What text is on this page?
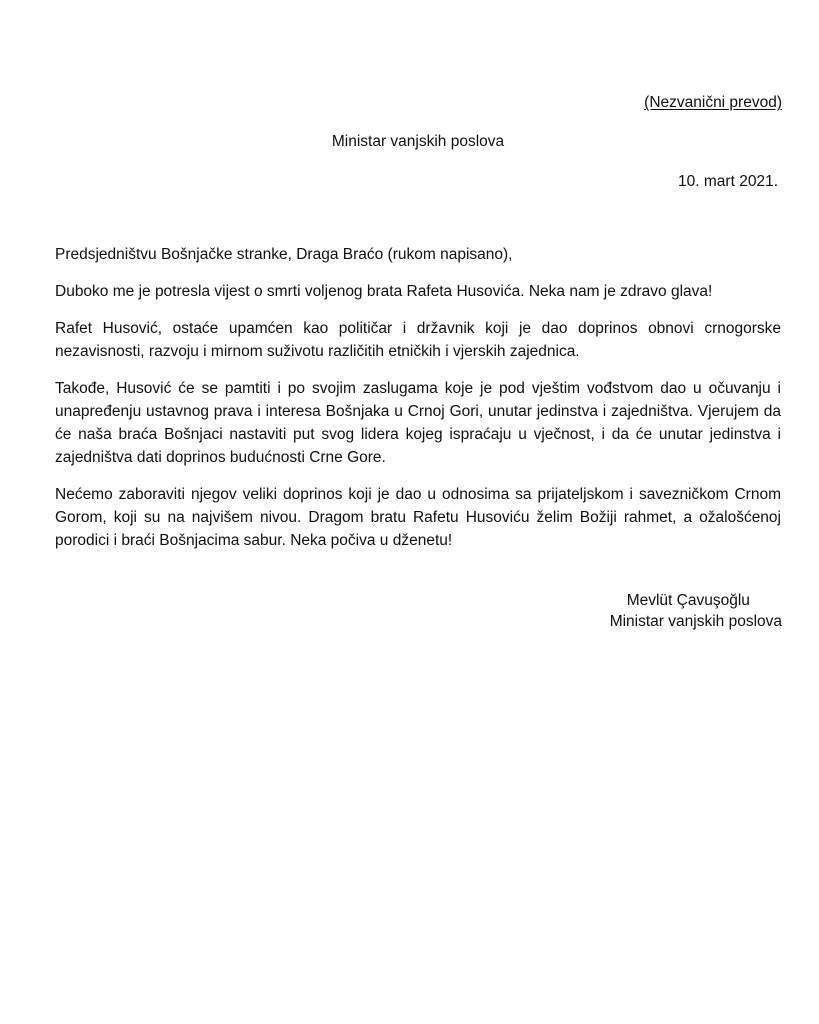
(Nezvanični prevod)
Ministar vanjskih poslova
10. mart 2021.

Predsjedništvu Bošnjačke stranke, Draga Braćo (rukom napisano),

Duboko me je potresla vijest o smrti voljenog brata Rafeta Husovića. Neka nam je zdravo glava!

Rafet Husović, ostaće upamćen kao političar i državnik koji je dao doprinos obnovi crnogorske nezavisnosti, razvoju i mirnom suživotu različitih etničkih i vjerskih zajednica.

Takođe, Husović će se pamtiti i po svojim zaslugama koje je pod vještim vođstvom dao u očuvanju i unapređenju ustavnog prava i interesa Bošnjaka u Crnoj Gori, unutar jedinstva i zajedništva. Vjerujem da će naša braća Bošnjaci nastaviti put svog lidera kojeg ispraćaju u vječnost, i da će unutar jedinstva i zajedništva dati doprinos budućnosti Crne Gore.

Nećemo zaboraviti njegov veliki doprinos koji je dao u odnosima sa prijateljskom i savezničkom Crnom Gorom, koji su na najvišem nivou. Dragom bratu Rafetu Husoviću želim Božiji rahmet, a ožalošćenoj porodici i braći Bošnjacima sabur. Neka počiva u dženetu!

Mevlüt Çavuşoğlu
Ministar vanjskih poslova
